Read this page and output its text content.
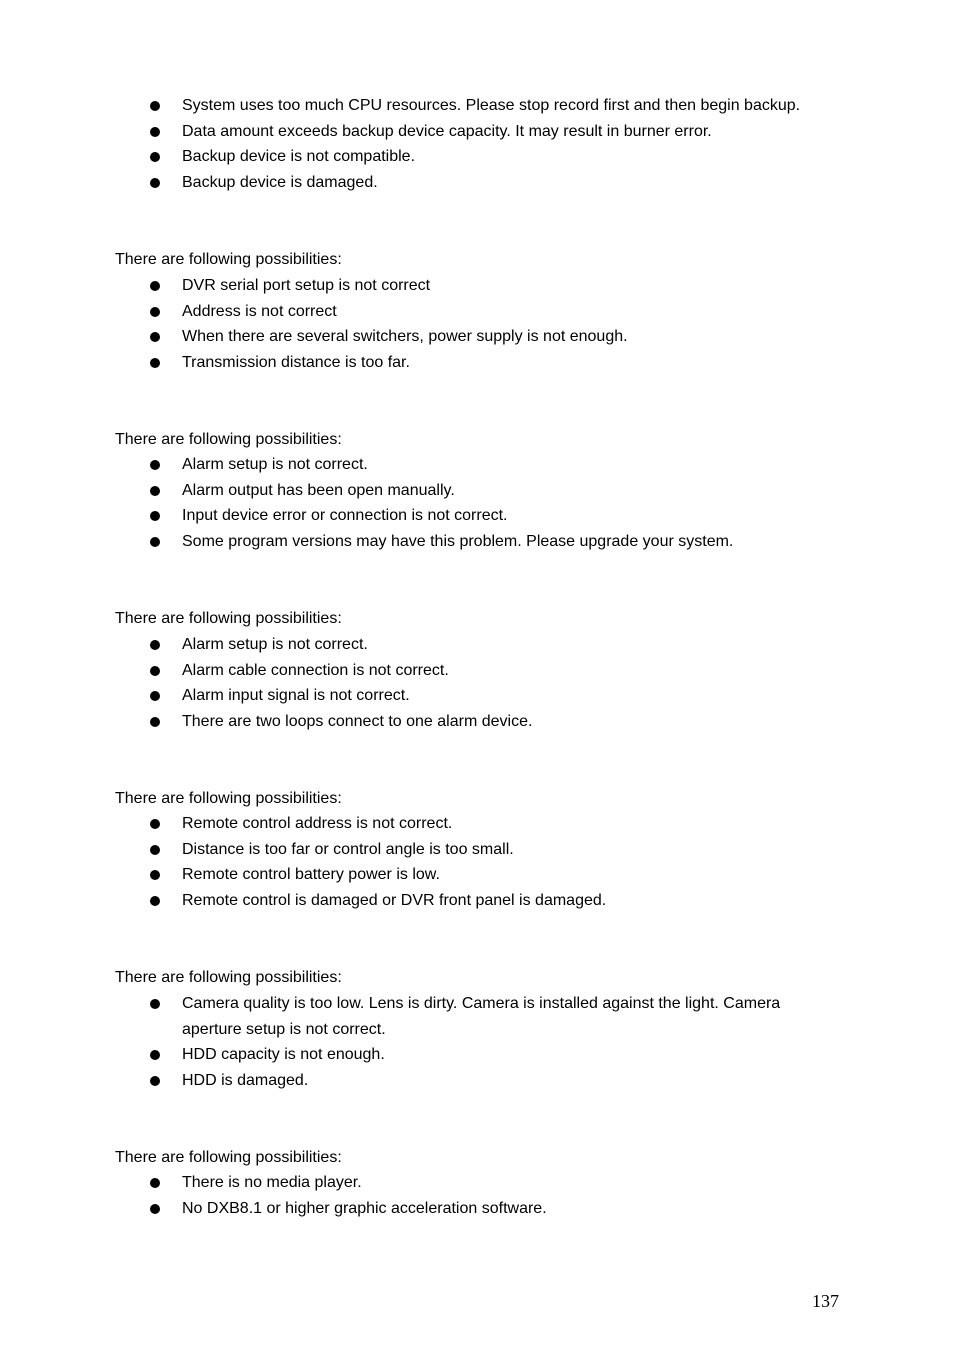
System uses too much CPU resources. Please stop record first and then begin backup.
Data amount exceeds backup device capacity. It may result in burner error.
Backup device is not compatible.
Backup device is damaged.
There are following possibilities:
DVR serial port setup is not correct
Address is not correct
When there are several switchers, power supply is not enough.
Transmission distance is too far.
There are following possibilities:
Alarm setup is not correct.
Alarm output has been open manually.
Input device error or connection is not correct.
Some program versions may have this problem. Please upgrade your system.
There are following possibilities:
Alarm setup is not correct.
Alarm cable connection is not correct.
Alarm input signal is not correct.
There are two loops connect to one alarm device.
There are following possibilities:
Remote control address is not correct.
Distance is too far or control angle is too small.
Remote control battery power is low.
Remote control is damaged or DVR front panel is damaged.
There are following possibilities:
Camera quality is too low. Lens is dirty. Camera is installed against the light. Camera aperture setup is not correct.
HDD capacity is not enough.
HDD is damaged.
There are following possibilities:
There is no media player.
No DXB8.1 or higher graphic acceleration software.
137
